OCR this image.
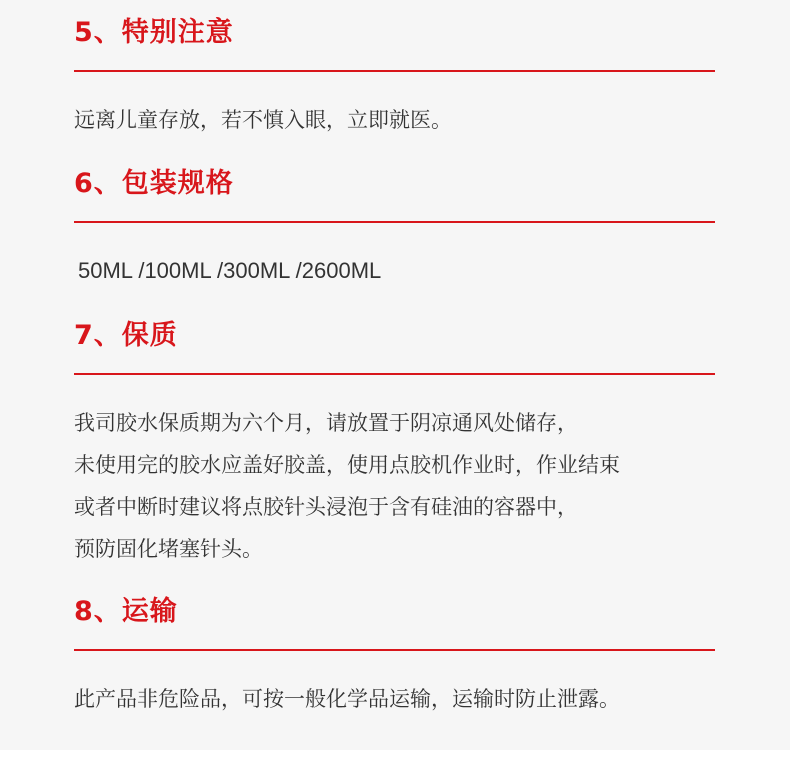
5、特别注意
远离儿童存放，若不慎入眼，立即就医。
6、包装规格
50ML /100ML /300ML /2600ML
7、保质
我司胶水保质期为六个月，请放置于阴凉通风处储存，
未使用完的胶水应盖好胶盖，使用点胶机作业时，作业结束
或者中断时建议将点胶针头浸泡于含有硅油的容器中，
预防固化堵塞针头。
8、运输
此产品非危险品，可按一般化学品运输，运输时防止泄露。
